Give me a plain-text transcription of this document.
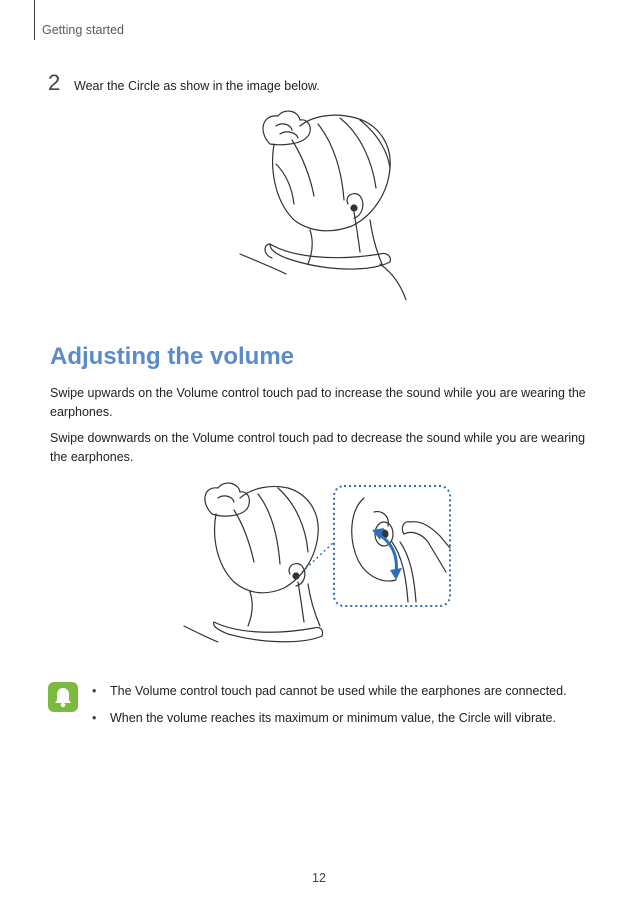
Getting started
2	Wear the Circle as show in the image below.
Adjusting the volume

Swipe upwards on the Volume control touch pad to increase the sound while you are wearing the earphones.

Swipe downwards on the Volume control touch pad to decrease the sound while you are wearing the earphones.

•	The Volume control touch pad cannot be used while the earphones are connected.
•	When the volume reaches its maximum or minimum value, the Circle will vibrate.
12
